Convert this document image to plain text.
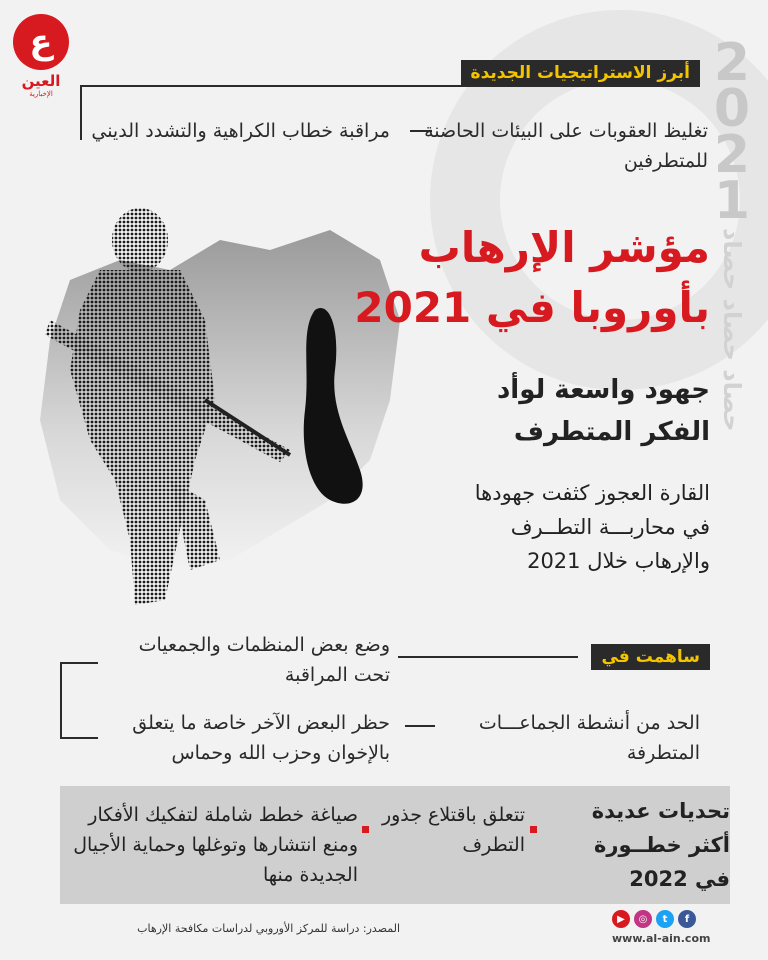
2
0
2
1
حصاد حصاد حصاد
ع
العين
الإخبارية
أبرز الاستراتيجيات الجديدة
تغليظ العقوبات على البيئات الحاضنة للمتطرفين
مراقبة خطاب الكراهية والتشدد الديني
مؤشر الإرهاب
بأوروبا في 2021
جهود واسعة لوأد
الفكر المتطرف
القارة العجوز كثفت جهودها
في محاربـــة التطــرف
والإرهاب خلال 2021
ساهمت في
وضع بعض المنظمات والجمعيات تحت المراقبة
حظر البعض الآخر خاصة ما يتعلق بالإخوان وحزب الله وحماس
الحد من أنشطة الجماعـــات المتطرفة
تحديات عديدة
أكثر خطــورة
في 2022
تتعلق باقتلاع جذور التطرف
صياغة خطط شاملة لتفكيك الأفكار ومنع انتشارها وتوغلها وحماية الأجيال الجديدة منها
المصدر: دراسة للمركز الأوروبي لدراسات مكافحة الإرهاب
▶	◎	t	f
www.al-ain.com
